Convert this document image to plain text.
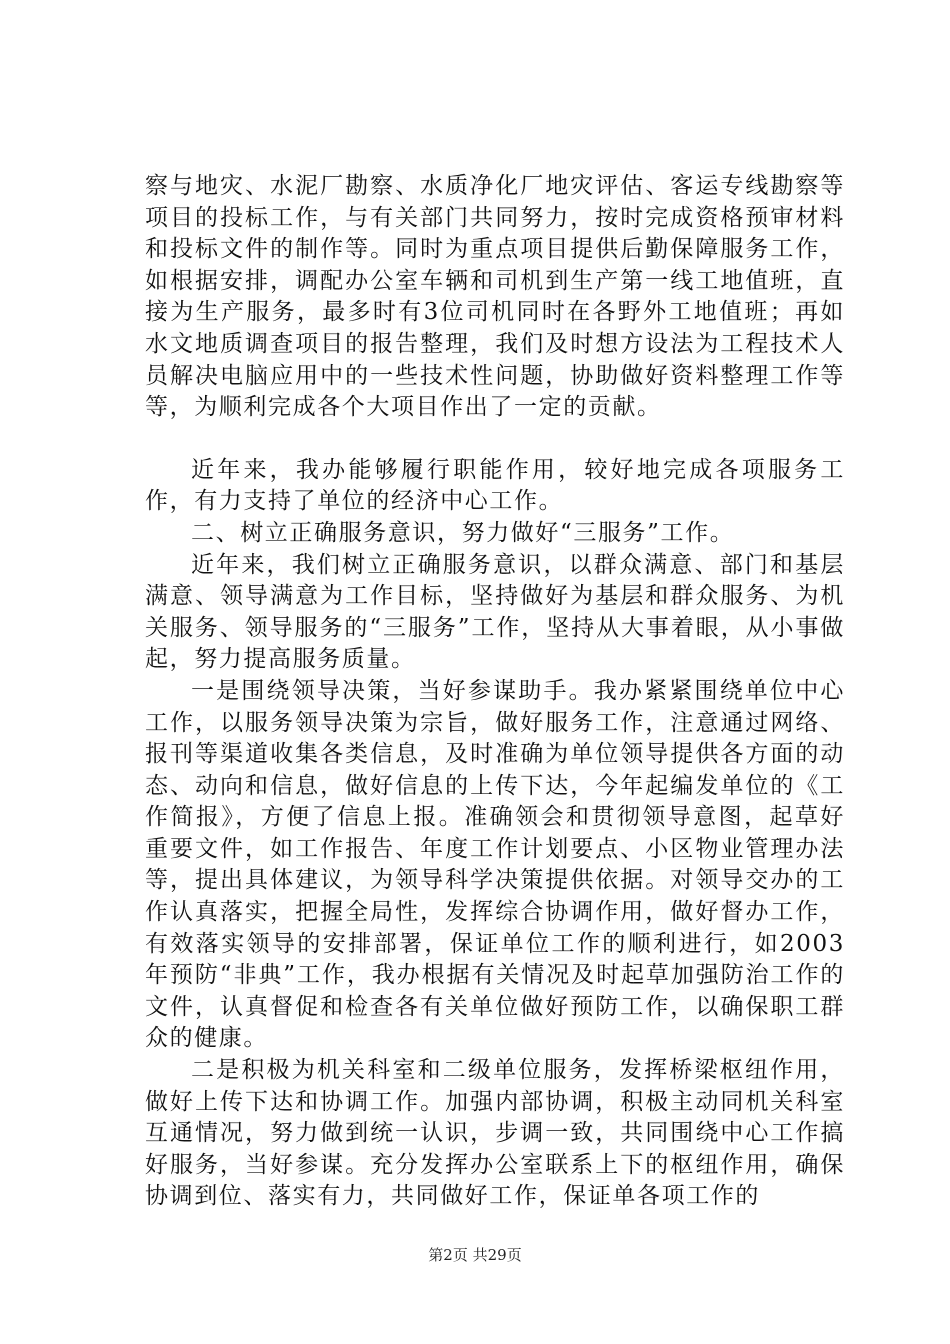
察与地灾、水泥厂勘察、水质净化厂地灾评估、客运专线勘察等项目的投标工作，与有关部门共同努力，按时完成资格预审材料和投标文件的制作等。同时为重点项目提供后勤保障服务工作，如根据安排，调配办公室车辆和司机到生产第一线工地值班，直接为生产服务，最多时有3位司机同时在各野外工地值班；再如水文地质调查项目的报告整理，我们及时想方设法为工程技术人员解决电脑应用中的一些技术性问题，协助做好资料整理工作等等，为顺利完成各个大项目作出了一定的贡献。

近年来，我办能够履行职能作用，较好地完成各项服务工作，有力支持了单位的经济中心工作。

二、树立正确服务意识，努力做好“三服务”工作。

近年来，我们树立正确服务意识，以群众满意、部门和基层满意、领导满意为工作目标，坚持做好为基层和群众服务、为机关服务、领导服务的“三服务”工作，坚持从大事着眼，从小事做起，努力提高服务质量。

一是围绕领导决策，当好参谋助手。我办紧紧围绕单位中心工作，以服务领导决策为宗旨，做好服务工作，注意通过网络、报刊等渠道收集各类信息，及时准确为单位领导提供各方面的动态、动向和信息，做好信息的上传下达，今年起编发单位的《工作简报》，方便了信息上报。准确领会和贯彻领导意图，起草好重要文件，如工作报告、年度工作计划要点、小区物业管理办法等，提出具体建议，为领导科学决策提供依据。对领导交办的工作认真落实，把握全局性，发挥综合协调作用，做好督办工作，有效落实领导的安排部署，保证单位工作的顺利进行，如2003年预防“非典”工作，我办根据有关情况及时起草加强防治工作的文件，认真督促和检查各有关单位做好预防工作，以确保职工群众的健康。

二是积极为机关科室和二级单位服务，发挥桥梁枢纽作用，做好上传下达和协调工作。加强内部协调，积极主动同机关科室互通情况，努力做到统一认识，步调一致，共同围绕中心工作搞好服务，当好参谋。充分发挥办公室联系上下的枢纽作用，确保协调到位、落实有力，共同做好工作，保证单各项工作的

第2页 共29页
